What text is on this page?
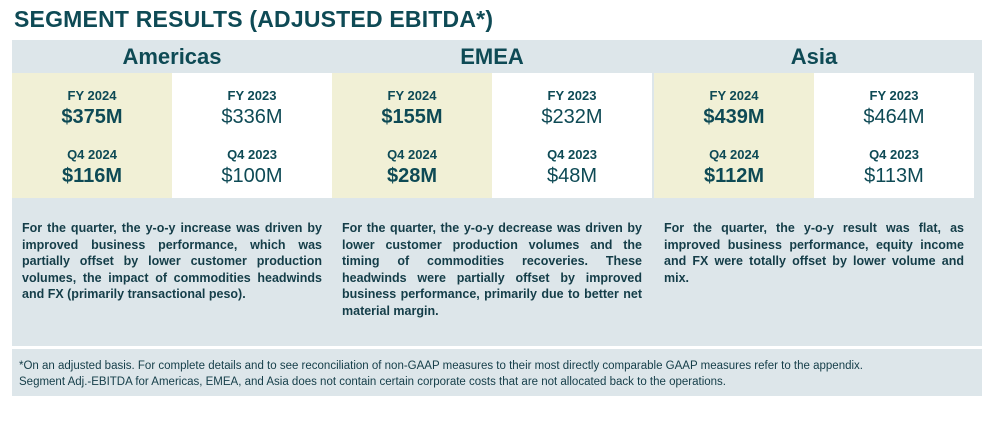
SEGMENT RESULTS (ADJUSTED EBITDA*)
Americas
FY 2024
$375M
Q4 2024
$116M
FY 2023
$336M
Q4 2023
$100M
For the quarter, the y-o-y increase was driven by improved business performance, which was partially offset by lower customer production volumes, the impact of commodities headwinds and FX (primarily transactional peso).
EMEA
FY 2024
$155M
Q4 2024
$28M
FY 2023
$232M
Q4 2023
$48M
For the quarter, the y-o-y decrease was driven by lower customer production volumes and the timing of commodities recoveries. These headwinds were partially offset by improved business performance, primarily due to better net material margin.
Asia
FY 2024
$439M
Q4 2024
$112M
FY 2023
$464M
Q4 2023
$113M
For the quarter, the y-o-y result was flat, as improved business performance, equity income and FX were totally offset by lower volume and mix.
*On an adjusted basis. For complete details and to see reconciliation of non-GAAP measures to their most directly comparable GAAP measures refer to the appendix.
Segment Adj.-EBITDA for Americas, EMEA, and Asia does not contain certain corporate costs that are not allocated back to the operations.
